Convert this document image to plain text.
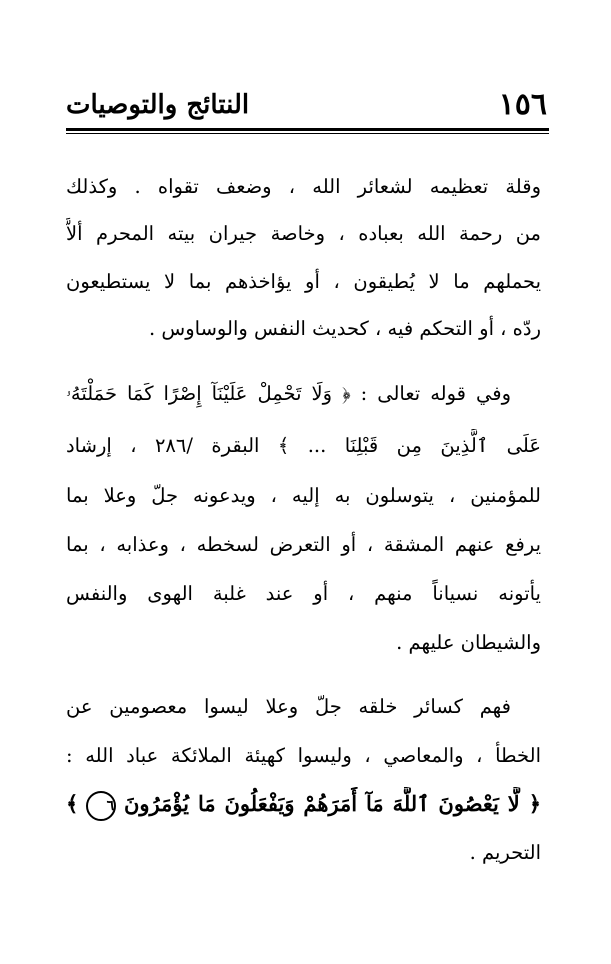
النتائج والتوصيات	١٥٦
وقلة تعظيمه لشعائر الله ، وضعف تقواه . وكذلك
من رحمة الله بعباده ، وخاصة جيران بيته المحرم ألاَّ
يحملهم ما لا يُطيقون ، أو يؤاخذهم بما لا يستطيعون
ردّه ، أو التحكم فيه ، كحديث النفس والوساوس .
وفي قوله تعالى : ﴿ وَلَا تَحْمِلْ عَلَيْنَآ إِصْرًا كَمَا حَمَلْتَهُۥ
عَلَى ٱلَّذِينَ مِن قَبْلِنَا ... ﴾ البقرة /٢٨٦ ، إرشاد
للمؤمنين ، يتوسلون به إليه ، ويدعونه جلّ وعلا بما
يرفع عنهم المشقة ، أو التعرض لسخطه ، وعذابه ، بما
يأتونه نسياناً منهم ، أو عند غلبة الهوى والنفس
والشيطان عليهم .
فهم كسائر خلقه جلّ وعلا ليسوا معصومين عن
الخطأ ، والمعاصي ، وليسوا كهيئة الملائكة عباد الله :
﴿ لَّا يَعْصُونَ ٱللَّهَ مَآ أَمَرَهُمْ وَيَفْعَلُونَ مَا يُؤْمَرُونَ ٦ ﴾
التحريم .
